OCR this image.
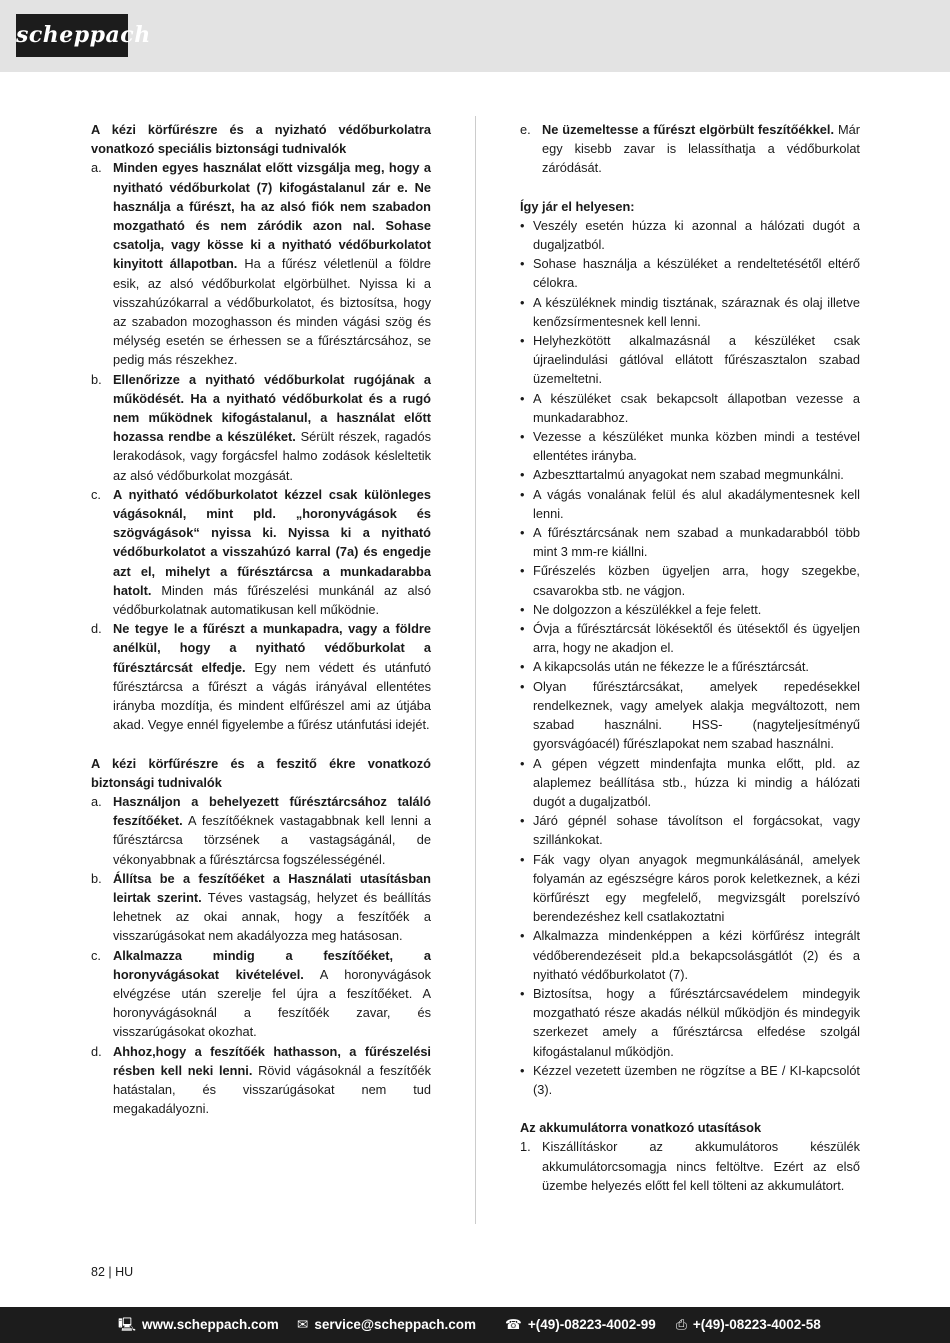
scheppach
A kézi körfűrészre és a nyizható védőburkolatra vonatkozó speciális biztonsági tudnivalók
a. Minden egyes használat előtt vizsgálja meg, hogy a nyitható védőburkolat (7) kifogástalanul zár e. Ne használja a fűrészt, ha az alsó fiók nem szabadon mozgatható és nem záródik azon nal. Sohase csatolja, vagy kösse ki a nyitható védőburkolatot kinyitott állapotban. Ha a fűrész véletlenül a földre esik, az alsó védőburkolat elgörbülhet. Nyissa ki a visszahúzókarral a védőburkolatot, és biztosítsa, hogy az szabadon mozoghasson és minden vágási szög és mélység esetén se érhessen se a fűrésztárcsához, se pedig más részekhez.
b. Ellenőrizze a nyitható védőburkolat rugójának a működését. Ha a nyitható védőburkolat és a rugó nem működnek kifogástalanul, a használat előtt hozassa rendbe a készüléket. Sérült részek, ragadós lerakodások, vagy forgácsfel halmo zodások késleltetik az alsó védőburkolat mozgását.
c. A nyitható védőburkolatot kézzel csak különleges vágásoknál, mint pld. „horonyvágások és szögvágások“ nyissa ki. Nyissa ki a nyitható védőburkolatot a visszahúzó karral (7a) és engedje azt el, mihelyt a fűrésztárcsa a munkadarabba hatolt. Minden más fűrészelési munkánál az alsó védőburkolatnak automatikusan kell működnie.
d. Ne tegye le a fűrészt a munkapadra, vagy a földre anélkül, hogy a nyitható védőburkolat a fűrésztárcsát elfedje. Egy nem védett és utánfutó fűrésztárcsa a fűrészt a vágás irányával ellentétes irányba mozdítja, és mindent elfűrészel ami az útjába akad. Vegye ennél figyelembe a fűrész utánfutási idejét.
A kézi körfűrészre és a feszitő ékre vonatkozó biztonsági tudnivalók
a. Használjon a behelyezett fűrésztárcsához találó feszítőéket. A feszítőéknek vastagabbnak kell lenni a fűrésztárcsa törzsének a vastagságánál, de vékonyabbnak a fűrésztárcsa fogszélességénél.
b. Állítsa be a feszítőéket a Használati utasításban leirtak szerint. Téves vastagság, helyzet és beállítás lehetnek az okai annak, hogy a feszítőék a visszarúgásokat nem akadályozza meg hatásosan.
c. Alkalmazza mindig a feszítőéket, a horonyvágásokat kivételével. A horonyvágások elvégzése után szerelje fel újra a feszítőéket. A horonyvágásoknál a feszítőék zavar, és visszarúgásokat okozhat.
d. Ahhoz,hogy a feszítőék hathasson, a fűrészelési résben kell neki lenni. Rövid vágásoknál a feszítőék hatástalan, és visszarúgásokat nem tud megakadályozni.
e. Ne üzemeltesse a fűrészt elgörbült feszítőékkel. Már egy kisebb zavar is lelassíthatja a védőburkolat záródását.
Így jár el helyesen:
• Veszély esetén húzza ki azonnal a hálózati dugót a dugaljzatból.
• Sohase használja a készüléket a rendeltetésétől eltérő célokra.
• A készüléknek mindig tisztának, száraznak és olaj illetve kenőzsírmentesnek kell lenni.
• Helyhezkötött alkalmazásnál a készüléket csak újraelindulási gátlóval ellátott fűrészasztalon szabad üzemeltetni.
• A készüléket csak bekapcsolt állapotban vezesse a munkadarabhoz.
• Vezesse a készüléket munka közben mindi a testével ellentétes irányba.
• Azbeszttartalmú anyagokat nem szabad megmunkálni.
• A vágás vonalának felül és alul akadálymentesnek kell lenni.
• A fűrésztárcsának nem szabad a munkadarabból több mint 3 mm-re kiállni.
• Fűrészelés közben ügyeljen arra, hogy szegekbe, csavarokba stb. ne vágjon.
• Ne dolgozzon a készülékkel a feje felett.
• Óvja a fűrésztárcsát lökésektől és ütésektől és ügyeljen arra, hogy ne akadjon el.
• A kikapcsolás után ne fékezze le a fűrésztárcsát.
• Olyan fűrésztárcsákat, amelyek repedésekkel rendelkeznek, vagy amelyek alakja megváltozott, nem szabad használni. HSS- (nagyteljesítményű gyorsvágóacél) fűrészlapokat nem szabad használni.
• A gépen végzett mindenfajta munka előtt, pld. az alaplemez beállítása stb., húzza ki mindig a hálózati dugót a dugaljzatból.
• Járó gépnél sohase távolítson el forgácsokat, vagy szillánkokat.
• Fák vagy olyan anyagok megmunkálásánál, amelyek folyamán az egészségre káros porok keletkeznek, a kézi körfűrészt egy megfelelő, megvizsgált porelszívó berendezéshez kell csatlakoztatni
• Alkalmazza mindenképpen a kézi körfűrész integrált védőberendezéseit pld.a bekapcsolásgátlót (2) és a nyitható védőburkolatot (7).
• Biztosítsa, hogy a fűrésztárcsavédelem mindegyik mozgatható része akadás nélkül működjön és mindegyik szerkezet amely a fűrésztárcsa elfedése szolgál kifogástalanul működjön.
• Kézzel vezetett üzemben ne rögzítse a BE / KI-kapcsolót (3).
Az akkumulátorra vonatkozó utasítások
1. Kiszállításkor az akkumulátoros készülék akkumulátorcsomagja nincs feltöltve. Ezért az első üzembe helyezés előtt fel kell tölteni az akkumulátort.
82 | HU
🖳 www.scheppach.com ✉ service@scheppach.com ☎ +(49)-08223-4002-99 ⎙ +(49)-08223-4002-58
